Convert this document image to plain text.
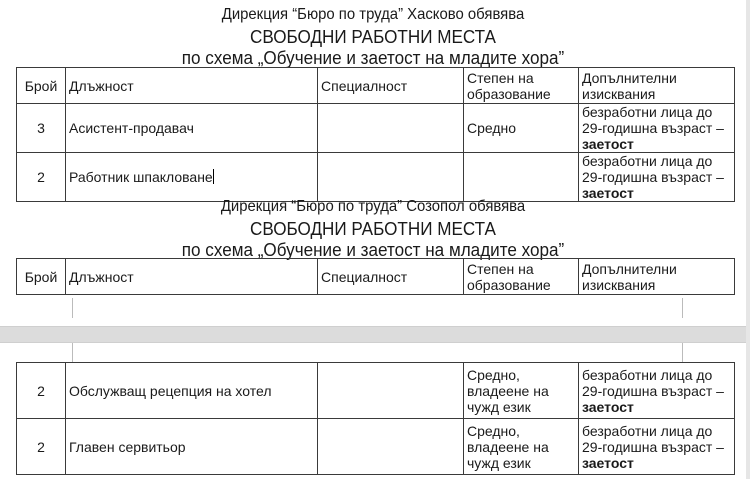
Дирекция “Бюро по труда” Хасково обявява
СВОБОДНИ РАБОТНИ МЕСТА
по схема „Обучение и заетост на младите хора”
Брой	Длъжност	Специалност	Степен на образование	Допълнителни изисквания
3	Асистент-продавач		Средно	безработни лица до 29-годишна възраст – заетост
2	Работник шпакловане			безработни лица до 29-годишна възраст – заетост
Дирекция “Бюро по труда” Созопол обявява
СВОБОДНИ РАБОТНИ МЕСТА
по схема „Обучение и заетост на младите хора”
Брой	Длъжност	Специалност	Степен на образование	Допълнителни изисквания
2	Обслужващ рецепция на хотел		Средно, владеене на чужд език	безработни лица до 29-годишна възраст – заетост
2	Главен сервитьор		Средно, владеене на чужд език	безработни лица до 29-годишна възраст – заетост
